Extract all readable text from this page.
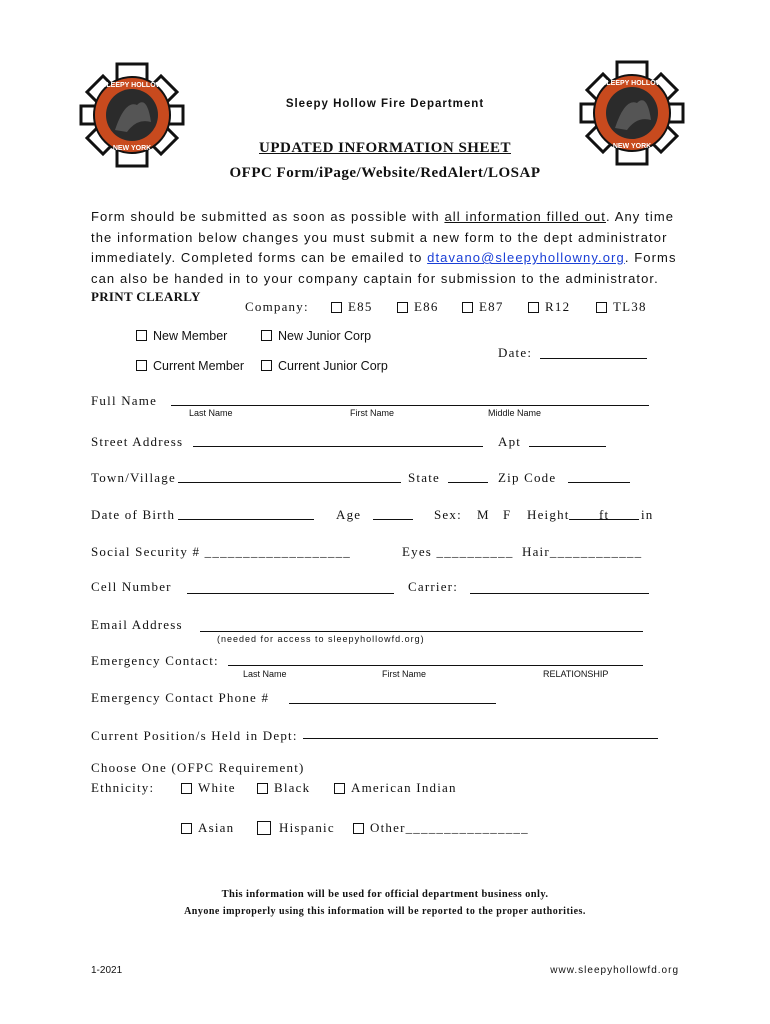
SLEEPY HOLLOW
NEW YORK
SLEEPY HOLLOW
NEW YORK
Sleepy Hollow Fire Department
UPDATED INFORMATION SHEET
OFPC Form/iPage/Website/RedAlert/LOSAP
Form should be submitted as soon as possible with all information filled out. Any time the information below changes you must submit a new form to the dept administrator immediately. Completed forms can be emailed to dtavano@sleepyhollowny.org. Forms can also be handed in to your company captain for submission to the administrator.
PRINT CLEARLY
Company:	E85	E86	E87	R12	TL38
New Member	New Junior Corp
Current Member	Current Junior Corp
Date:
Full Name
Last Name	First Name	Middle Name
Street Address	Apt
Town/Village	State	Zip Code
Date of Birth	Age	Sex: M F Height ft in
Social Security # ___________________	Eyes __________ Hair____________
Cell Number	Carrier:
Email Address
(needed for access to sleepyhollowfd.org)
Emergency Contact:
Last Name	First Name	RELATIONSHIP
Emergency Contact Phone #
Current Position/s Held in Dept:
Choose One (OFPC Requirement)
Ethnicity:	White	Black	American Indian
Asian	Hispanic	Other________________
This information will be used for official department business only.
Anyone improperly using this information will be reported to the proper authorities.
1-2021	www.sleepyhollowfd.org
